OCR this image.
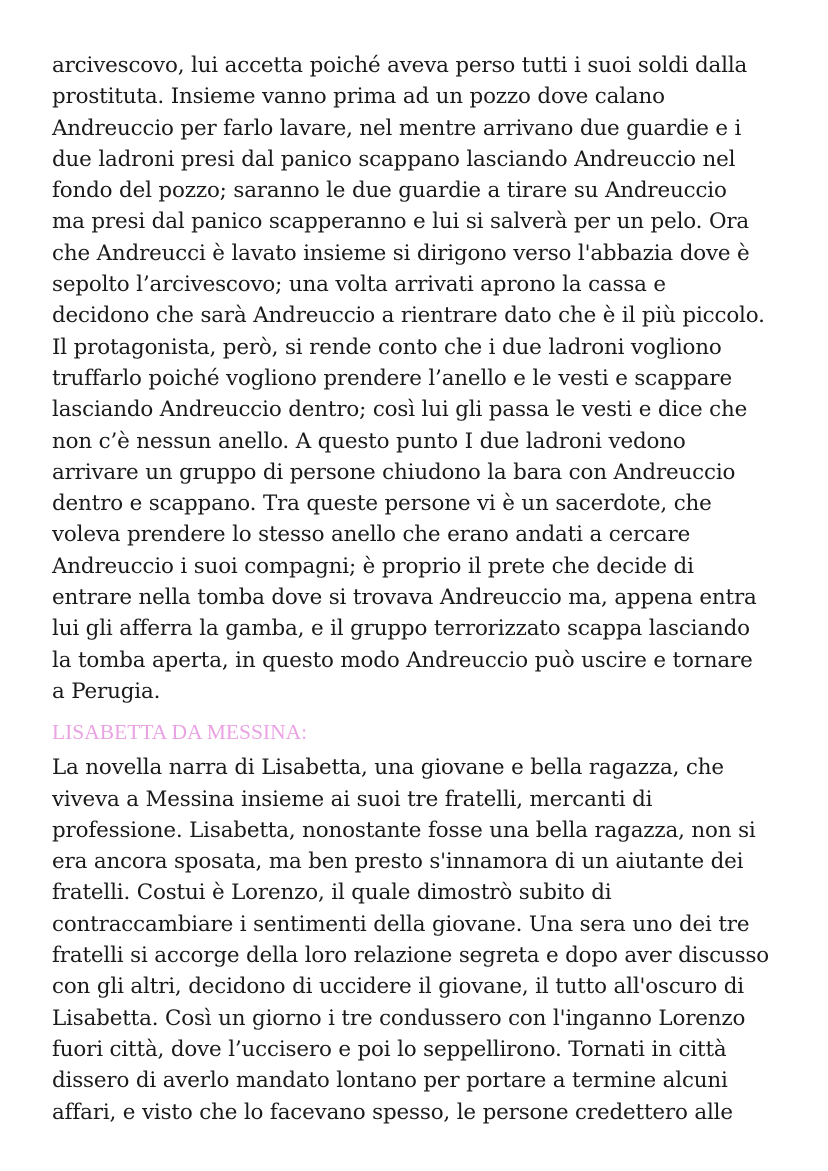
arcivescovo, lui accetta poiché aveva perso tutti i suoi soldi dalla
prostituta. Insieme vanno prima ad un pozzo dove calano
Andreuccio per farlo lavare, nel mentre arrivano due guardie e i
due ladroni presi dal panico scappano lasciando Andreuccio nel
fondo del pozzo; saranno le due guardie a tirare su Andreuccio
ma presi dal panico scapperanno e lui si salverà per un pelo. Ora
che Andreucci è lavato insieme si dirigono verso l'abbazia dove è
sepolto l’arcivescovo; una volta arrivati aprono la cassa e
decidono che sarà Andreuccio a rientrare dato che è il più piccolo.
Il protagonista, però, si rende conto che i due ladroni vogliono
truffarlo poiché vogliono prendere l’anello e le vesti e scappare
lasciando Andreuccio dentro; così lui gli passa le vesti e dice che
non c’è nessun anello. A questo punto I due ladroni vedono
arrivare un gruppo di persone chiudono la bara con Andreuccio
dentro e scappano. Tra queste persone vi è un sacerdote, che
voleva prendere lo stesso anello che erano andati a cercare
Andreuccio i suoi compagni; è proprio il prete che decide di
entrare nella tomba dove si trovava Andreuccio ma, appena entra
lui gli afferra la gamba, e il gruppo terrorizzato scappa lasciando
la tomba aperta, in questo modo Andreuccio può uscire e tornare
a Perugia.

LISABETTA DA MESSINA:

La novella narra di Lisabetta, una giovane e bella ragazza, che
viveva a Messina insieme ai suoi tre fratelli, mercanti di
professione. Lisabetta, nonostante fosse una bella ragazza, non si
era ancora sposata, ma ben presto s'innamora di un aiutante dei
fratelli. Costui è Lorenzo, il quale dimostrò subito di
contraccambiare i sentimenti della giovane. Una sera uno dei tre
fratelli si accorge della loro relazione segreta e dopo aver discusso
con gli altri, decidono di uccidere il giovane, il tutto all'oscuro di
Lisabetta. Così un giorno i tre condussero con l'inganno Lorenzo
fuori città, dove l’uccisero e poi lo seppellirono. Tornati in città
dissero di averlo mandato lontano per portare a termine alcuni
affari, e visto che lo facevano spesso, le persone credettero alle
